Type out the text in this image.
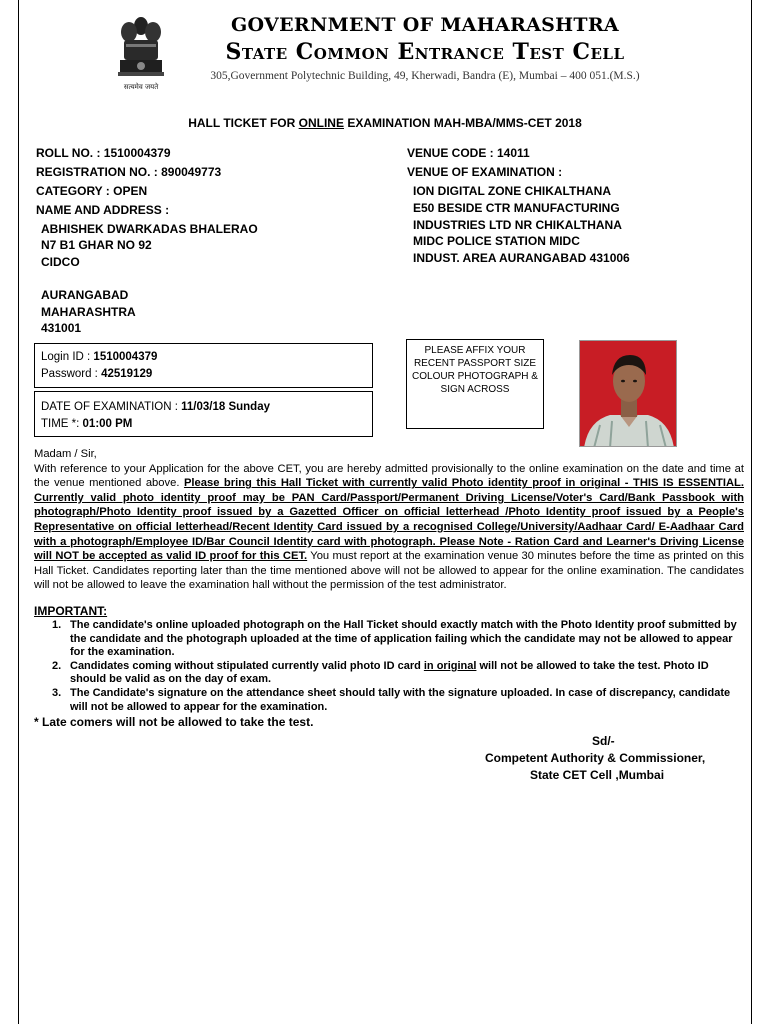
सत्यमेव जयते
GOVERNMENT OF MAHARASHTRA
State Common Entrance Test Cell
305,Government Polytechnic Building, 49, Kherwadi, Bandra (E), Mumbai – 400 051.(M.S.)
HALL TICKET FOR ONLINE EXAMINATION MAH-MBA/MMS-CET 2018
ROLL NO. : 1510004379
REGISTRATION NO. : 890049773
CATEGORY : OPEN
NAME AND ADDRESS :
ABHISHEK DWARKADAS BHALERAO
N7 B1 GHAR NO 92
CIDCO
AURANGABAD
MAHARASHTRA
431001
VENUE CODE : 14011
VENUE OF EXAMINATION :
ION DIGITAL ZONE CHIKALTHANA
E50 BESIDE CTR MANUFACTURING
INDUSTRIES LTD NR CHIKALTHANA
MIDC POLICE STATION MIDC
INDUST. AREA AURANGABAD 431006

Login ID : 1510004379

Password : 42519129

DATE OF EXAMINATION : 11/03/18 Sunday

TIME *: 01:00 PM

PLEASE AFFIX YOUR RECENT PASSPORT SIZE COLOUR PHOTOGRAPH & SIGN ACROSS

Madam / Sir,

With reference to your Application for the above CET, you are hereby admitted provisionally to the online examination on the date and time at the venue mentioned above. Please bring this Hall Ticket with currently valid Photo identity proof in original - THIS IS ESSENTIAL. Currently valid photo identity proof may be PAN Card/Passport/Permanent Driving License/Voter's Card/Bank Passbook with photograph/Photo Identity proof issued by a Gazetted Officer on official letterhead /Photo Identity proof issued by a People's Representative on official letterhead/Recent Identity Card issued by a recognised College/University/Aadhaar Card/ E-Aadhaar Card with a photograph/Employee ID/Bar Council Identity card with photograph. Please Note - Ration Card and Learner's Driving License will NOT be accepted as valid ID proof for this CET. You must report at the examination venue 30 minutes before the time as printed on this Hall Ticket. Candidates reporting later than the time mentioned above will not be allowed to appear for the online examination. The candidates will not be allowed to leave the examination hall without the permission of the test administrator.

IMPORTANT:
1. The candidate's online uploaded photograph on the Hall Ticket should exactly match with the Photo Identity proof submitted by the candidate and the photograph uploaded at the time of application failing which the candidate may not be allowed to appear for the examination.
2. Candidates coming without stipulated currently valid photo ID card in original will not be allowed to take the test. Photo ID should be valid as on the day of exam.
3. The Candidate's signature on the attendance sheet should tally with the signature uploaded. In case of discrepancy, candidate will not be allowed to appear for the examination.
* Late comers will not be allowed to take the test.
Sd/-
Competent Authority & Commissioner,
State CET Cell ,Mumbai
